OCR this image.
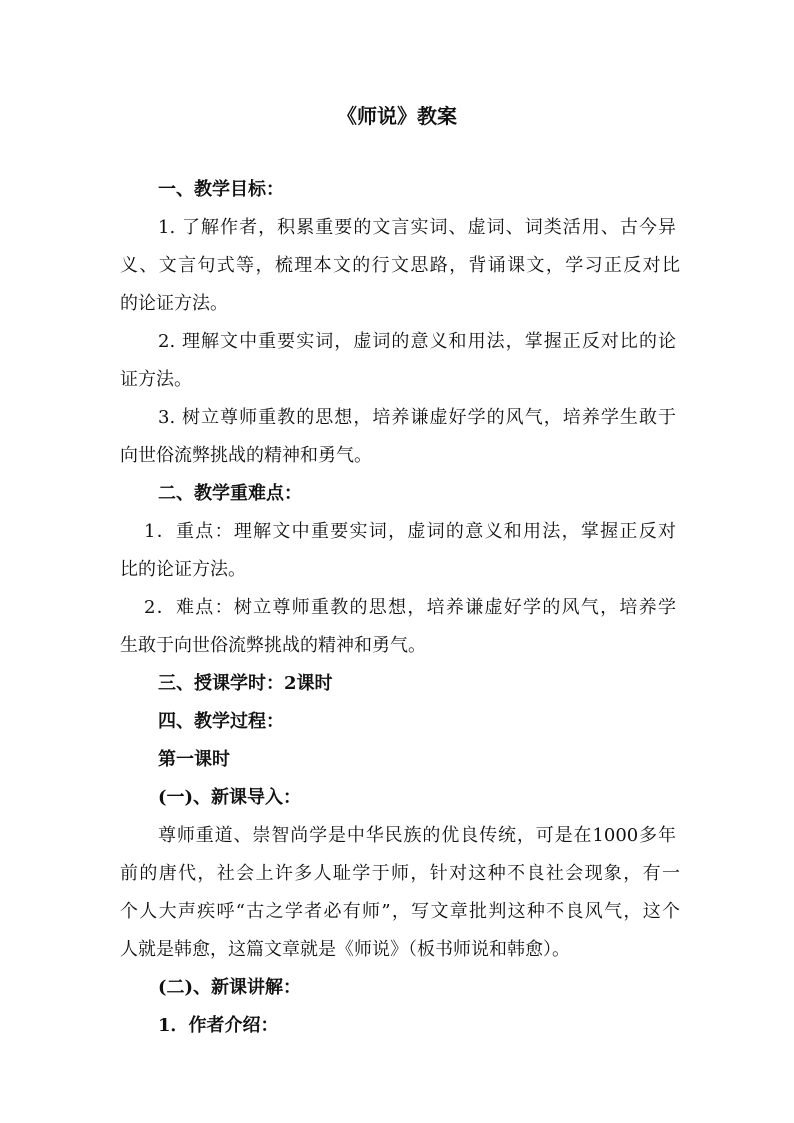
《师说》教案
一、教学目标：
1. 了解作者，积累重要的文言实词、虚词、词类活用、古今异
义、文言句式等，梳理本文的行文思路，背诵课文，学习正反对比
的论证方法。
2. 理解文中重要实词，虚词的意义和用法，掌握正反对比的论
证方法。
3. 树立尊师重教的思想，培养谦虚好学的风气，培养学生敢于
向世俗流弊挑战的精神和勇气。
二、教学重难点：
1．重点：理解文中重要实词，虚词的意义和用法，掌握正反对
比的论证方法。
2．难点：树立尊师重教的思想，培养谦虚好学的风气，培养学
生敢于向世俗流弊挑战的精神和勇气。
三、授课学时：2课时
四、教学过程：
第一课时
(一)、新课导入：
尊师重道、崇智尚学是中华民族的优良传统，可是在1000多年
前的唐代，社会上许多人耻学于师，针对这种不良社会现象，有一
个人大声疾呼“古之学者必有师”，写文章批判这种不良风气，这个
人就是韩愈，这篇文章就是《师说》（板书师说和韩愈）。
(二)、新课讲解：
1．作者介绍：
